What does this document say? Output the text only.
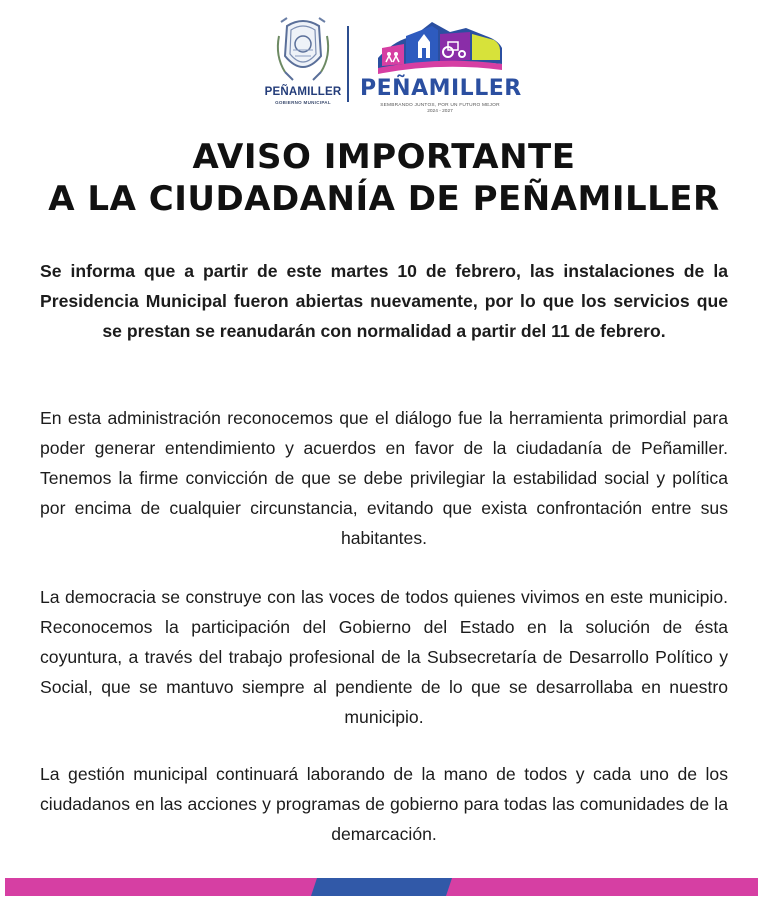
PEÑAMILLER
GOBIERNO MUNICIPAL
PEÑAMILLER
SEMBRANDO JUNTOS, POR UN FUTURO MEJOR
2024 - 2027
AVISO IMPORTANTE
A LA CIUDADANÍA DE PEÑAMILLER
Se informa que a partir de este martes 10 de febrero, las instalaciones de la Presidencia Municipal fueron abiertas nuevamente, por lo que los servicios que se prestan se reanudarán con normalidad a partir del 11 de febrero.
En esta administración reconocemos que el diálogo fue la herramienta primordial para poder generar entendimiento y acuerdos en favor de la ciudadanía de Peñamiller. Tenemos la firme convicción de que se debe privilegiar la estabilidad social y política por encima de cualquier circunstancia, evitando que exista confrontación entre sus habitantes.
La democracia se construye con las voces de todos quienes vivimos en este municipio. Reconocemos la participación del Gobierno del Estado en la solución de ésta coyuntura, a través del trabajo profesional de la Subsecretaría de Desarrollo Político y Social, que se mantuvo siempre al pendiente de lo que se desarrollaba en nuestro municipio.
La gestión municipal continuará laborando de la mano de todos y cada uno de los ciudadanos en las acciones y programas de gobierno para todas las comunidades de la demarcación.
